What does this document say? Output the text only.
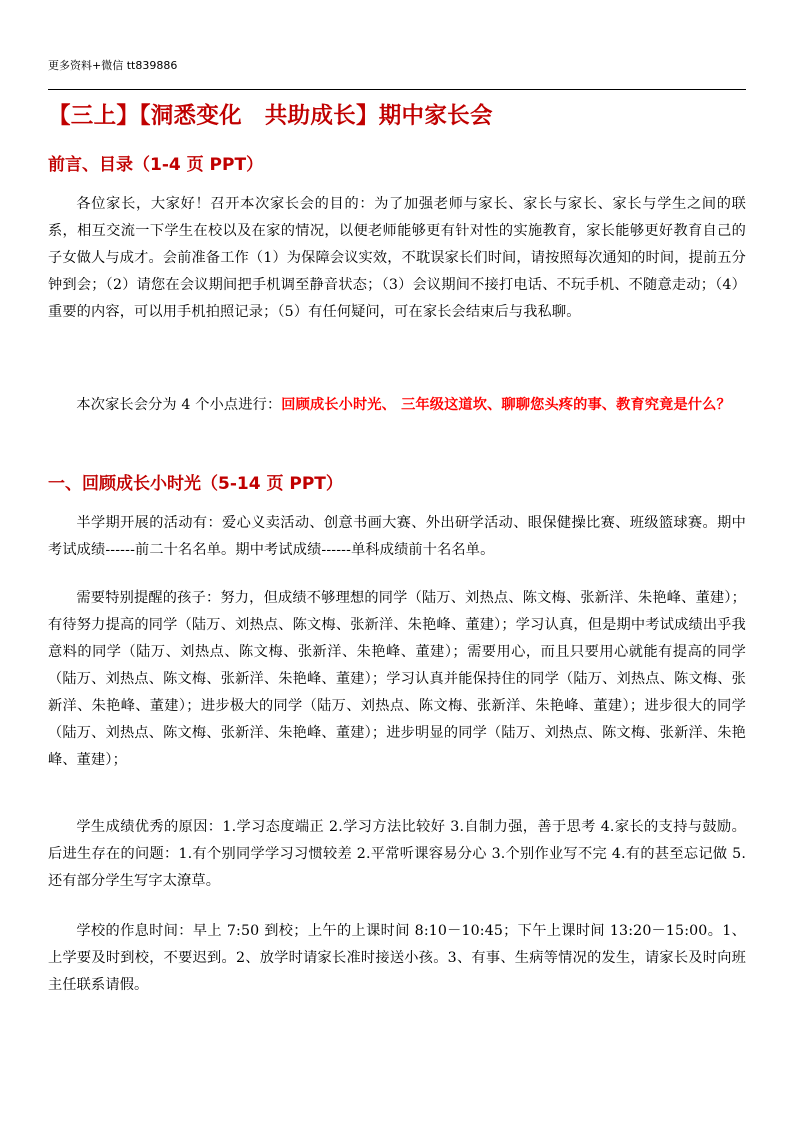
更多资料+微信 tt839886
【三上】【洞悉变化　共助成长】期中家长会
前言、目录（1-4 页 PPT）
各位家长，大家好！召开本次家长会的目的：为了加强老师与家长、家长与家长、家长与学生之间的联系，相互交流一下学生在校以及在家的情况，以便老师能够更有针对性的实施教育，家长能够更好教育自己的子女做人与成才。会前准备工作（1）为保障会议实效，不耽误家长们时间，请按照每次通知的时间，提前五分钟到会；（2）请您在会议期间把手机调至静音状态；（3）会议期间不接打电话、不玩手机、不随意走动；（4）重要的内容，可以用手机拍照记录；（5）有任何疑问，可在家长会结束后与我私聊。
本次家长会分为 4 个小点进行：回顾成长小时光、 三年级这道坎、聊聊您头疼的事、教育究竟是什么？
一、回顾成长小时光（5-14 页 PPT）
半学期开展的活动有：爱心义卖活动、创意书画大赛、外出研学活动、眼保健操比赛、班级篮球赛。期中考试成绩------前二十名名单。期中考试成绩------单科成绩前十名名单。
需要特别提醒的孩子：努力，但成绩不够理想的同学（陆万、刘热点、陈文梅、张新洋、朱艳峰、董建）；有待努力提高的同学（陆万、刘热点、陈文梅、张新洋、朱艳峰、董建）；学习认真，但是期中考试成绩出乎我意料的同学（陆万、刘热点、陈文梅、张新洋、朱艳峰、董建）；需要用心，而且只要用心就能有提高的同学（陆万、刘热点、陈文梅、张新洋、朱艳峰、董建）；学习认真并能保持住的同学（陆万、刘热点、陈文梅、张新洋、朱艳峰、董建）；进步极大的同学（陆万、刘热点、陈文梅、张新洋、朱艳峰、董建）；进步很大的同学（陆万、刘热点、陈文梅、张新洋、朱艳峰、董建）；进步明显的同学（陆万、刘热点、陈文梅、张新洋、朱艳峰、董建）；
学生成绩优秀的原因：1.学习态度端正 2.学习方法比较好 3.自制力强，善于思考 4.家长的支持与鼓励。后进生存在的问题：1.有个别同学学习习惯较差 2.平常听课容易分心 3.个别作业写不完 4.有的甚至忘记做 5.还有部分学生写字太潦草。
学校的作息时间：早上 7:50 到校；上午的上课时间 8:10－10:45；下午上课时间 13:20－15:00。1、上学要及时到校，不要迟到。2、放学时请家长准时接送小孩。3、有事、生病等情况的发生，请家长及时向班主任联系请假。
